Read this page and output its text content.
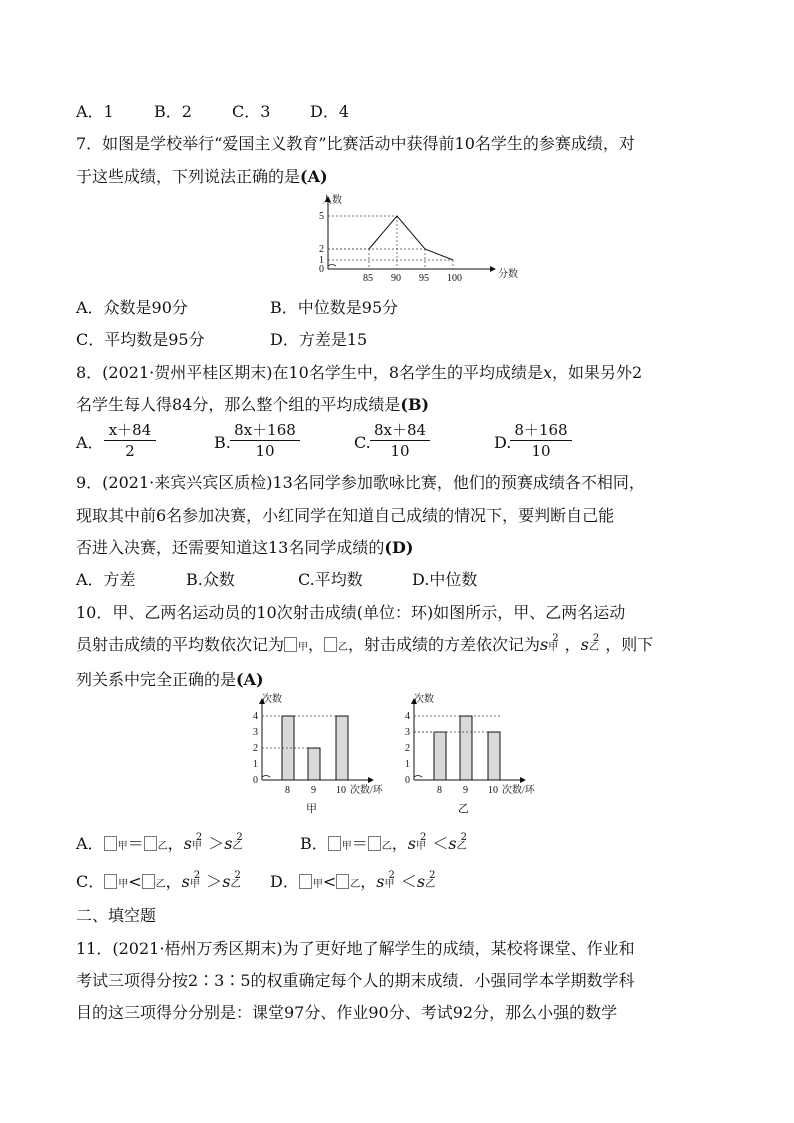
A．1	B．2	C．3 D．4
7．如图是学校举行“爱国主义教育”比赛活动中获得前10名学生的参赛成绩，对
于这些成绩，下列说法正确的是(A)
人数
分数
0
1
2
5
85 90 95 100
A．众数是90分	B．中位数是95分
C．平均数是95分	D．方差是15
8．(2021·贺州平桂区期末)在10名学生中，8名学生的平均成绩是x，如果另外2
名学生每人得84分，那么整个组的平均成绩是(B)
A． $\frac{x+84}{2}$	B. $\frac{8x+168}{10}$	C. $\frac{8x+84}{10}$	D.
$\frac{8+168}{10}$
9．(2021·来宾兴宾区质检)13名同学参加歌咏比赛，他们的预赛成绩各不相同，
现取其中前6名参加决赛，小红同学在知道自己成绩的情况下，要判断自己能
否进入决赛，还需要知道这13名同学成绩的(D)
A．方差	B.众数	C.平均数	D.中位数
10．甲、乙两名运动员的10次射击成绩(单位：环)如图所示，甲、乙两名运动
员射击成绩的平均数依次记为 甲， 乙，射击成绩的方差依次记为s甲$^2$ ，s乙$^2$ ，则下
列关系中完全正确的是(A)
次数
次数/环
0
1
2
3
4
8 9 10
甲
次数
次数/环
0
1
2
3
4
8 9 10
乙
A． 甲＝ 乙，s甲$^2$ ＞s乙$^2$	B． 甲＝ 乙，s甲$^2$ ＜s乙$^2$
C． 甲< 乙，s甲$^2$ ＞s乙$^2$	D． 甲< 乙，s甲$^2$ ＜s乙$^2$
二、填空题
11．(2021·梧州万秀区期末)为了更好地了解学生的成绩，某校将课堂、作业和
考试三项得分按2∶3∶5的权重确定每个人的期末成绩．小强同学本学期数学科
目的这三项得分分别是：课堂97分、作业90分、考试92分，那么小强的数学
